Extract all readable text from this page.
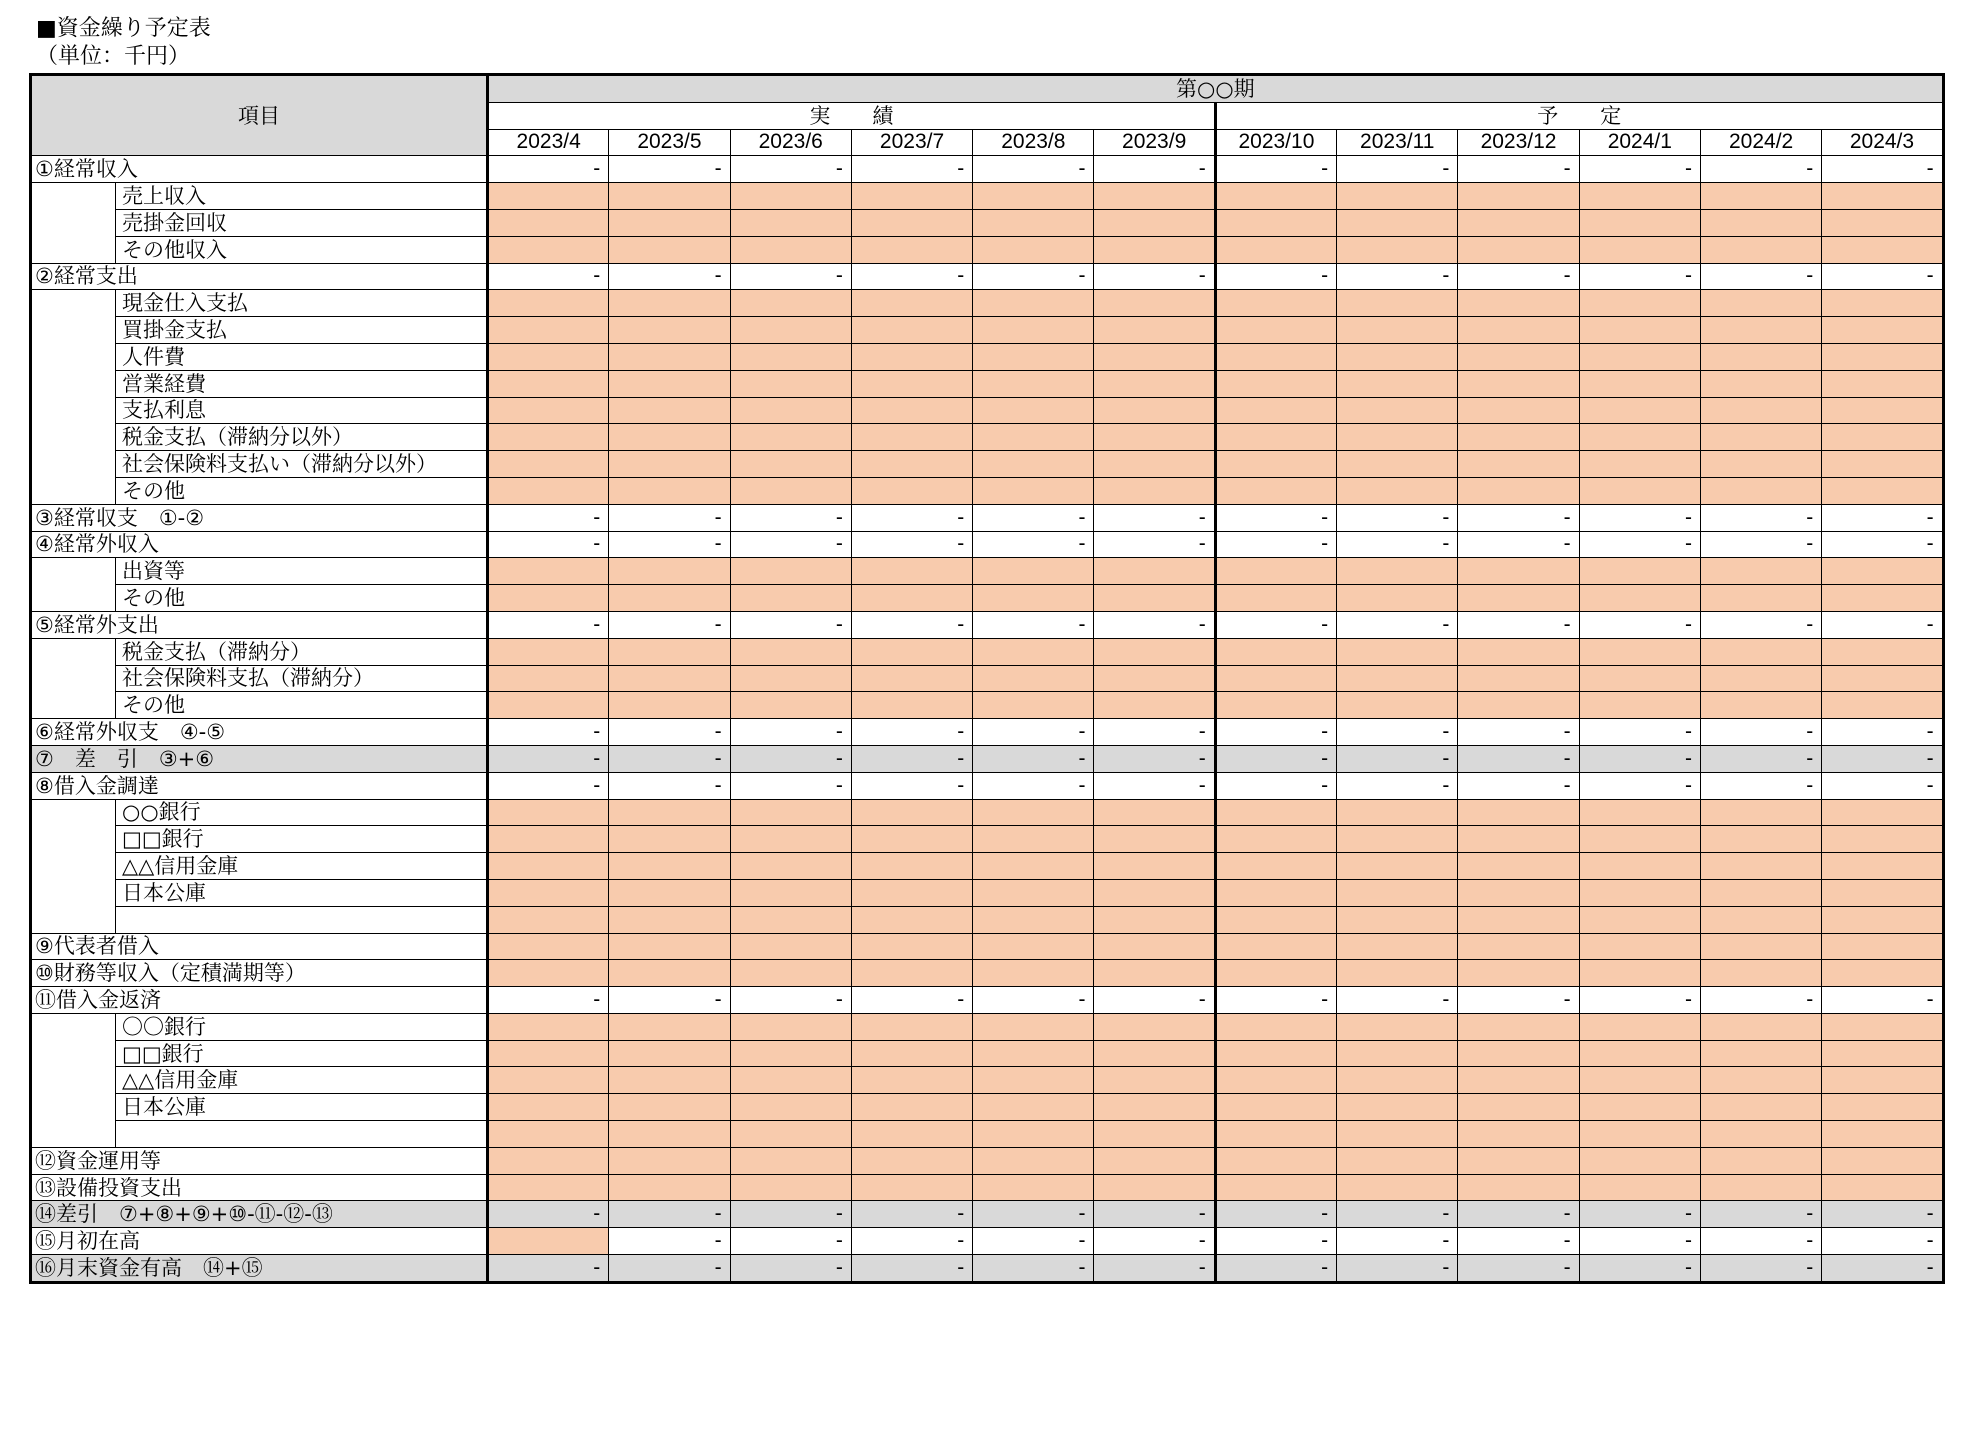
■資金繰り予定表
（単位：千円）
項目		第○○期											
		実　　績						予　　定					
		2023/4	2023/5	2023/6	2023/7	2023/8	2023/9	2023/10	2023/11	2023/12	2024/1	2024/2	2024/3
①経常収入		-	-	-	-	-	-	-	-	-	-	-	-
	売上収入												
	売掛金回収												
	その他収入												
②経常支出		-	-	-	-	-	-	-	-	-	-	-	-
	現金仕入支払												
	買掛金支払												
	人件費												
	営業経費												
	支払利息												
	税金支払（滞納分以外）												
	社会保険料支払い（滞納分以外）												
	その他												
③経常収支　①-②		-	-	-	-	-	-	-	-	-	-	-	-
④経常外収入		-	-	-	-	-	-	-	-	-	-	-	-
	出資等												
	その他												
⑤経常外支出		-	-	-	-	-	-	-	-	-	-	-	-
	税金支払（滞納分）												
	社会保険料支払（滞納分）												
	その他												
⑥経常外収支　④-⑤		-	-	-	-	-	-	-	-	-	-	-	-
⑦　差　引　③+⑥		-	-	-	-	-	-	-	-	-	-	-	-
⑧借入金調達		-	-	-	-	-	-	-	-	-	-	-	-
	○○銀行												
	□□銀行												
	△△信用金庫												
	日本公庫												

⑨代表者借入													
⑩財務等収入（定積満期等）													
⑪借入金返済		-	-	-	-	-	-	-	-	-	-	-	-
	〇〇銀行												
	□□銀行												
	△△信用金庫												
	日本公庫												

⑫資金運用等													
⑬設備投資支出													
⑭差引　⑦+⑧+⑨+⑩-⑪-⑫-⑬		-	-	-	-	-	-	-	-	-	-	-	-
⑮月初在高			-	-	-	-	-	-	-	-	-	-	-
⑯月末資金有高　⑭+⑮		-	-	-	-	-	-	-	-	-	-	-	-
